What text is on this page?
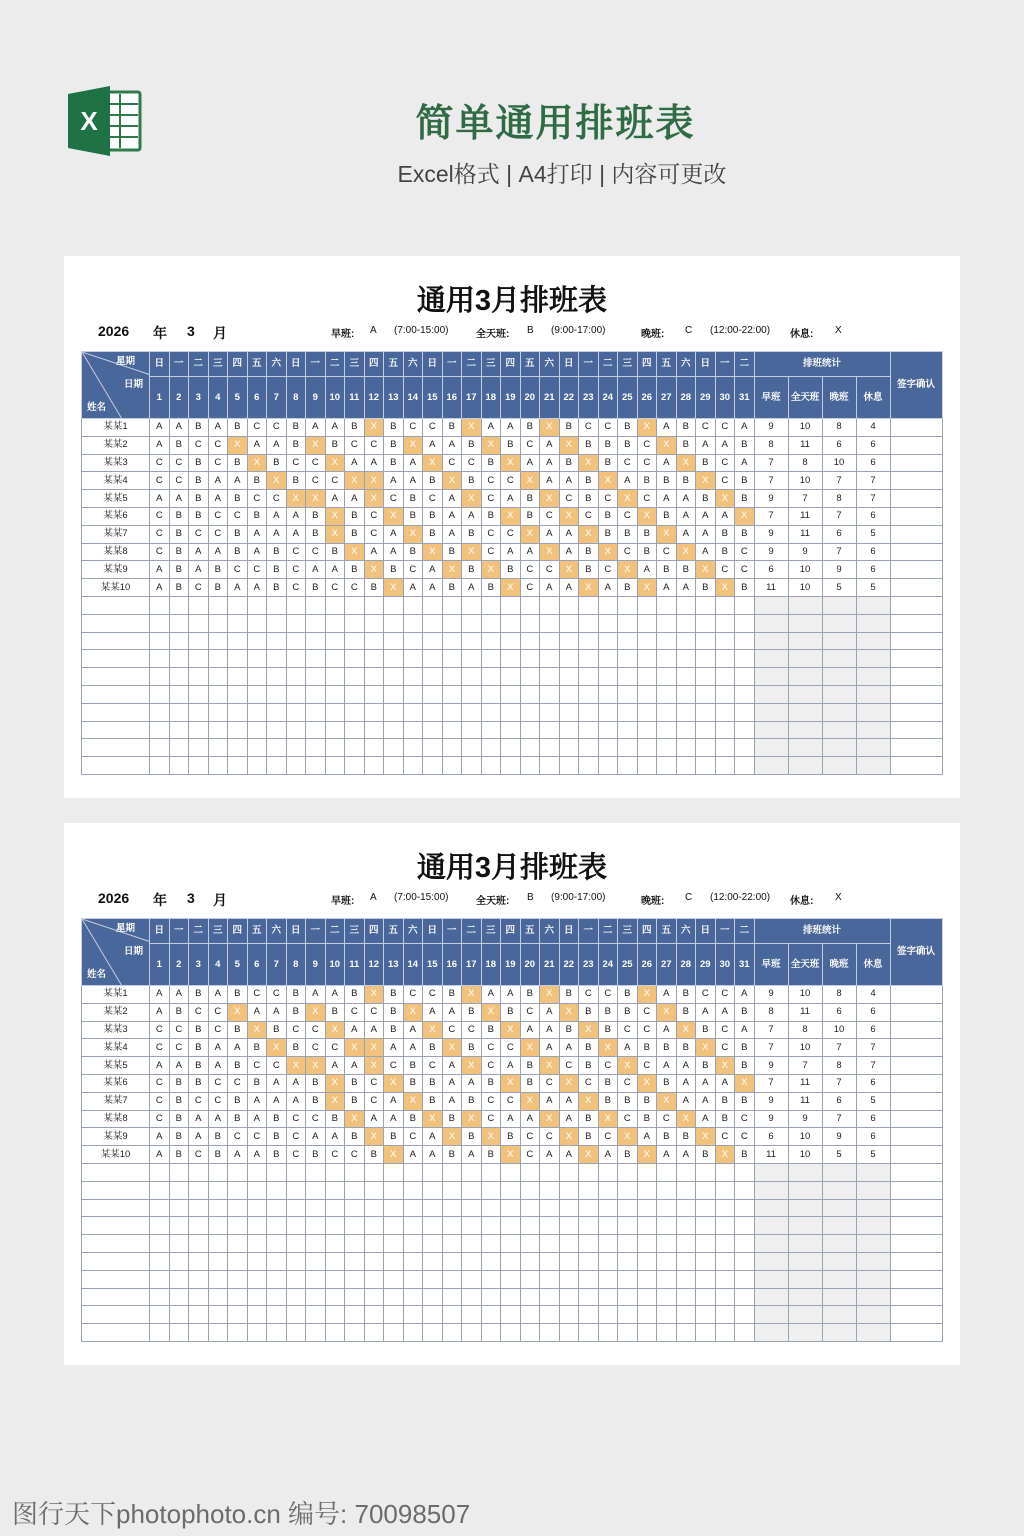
X	简单通用排班表
Excel格式 | A4打印 | 内容可更改
通用3月排班表
2026 年 3 月	早班: A (7:00-15:00)	全天班: B (9:00-17:00)	晚班: C (12:00-22:00) 休息: X
星期
日期
姓名	日	一	二	三	四	五	六	日	一	二	三	四	五	六	日	一	二	三	四	五	六	日	一	二	三	四	五	六	日	一	二	排班统计				签字确认
	1	2	3	4	5	6	7	8	9	10	11	12	13	14	15	16	17	18	19	20	21	22	23	24	25	26	27	28	29	30	31	早班	全天班	晚班	休息	
某某1	A	A	B	A	B	C	C	B	A	A	B	X	B	C	C	B	X	A	A	B	X	B	C	C	B	X	A	B	C	C	A	9	10	8	4	
某某2	A	B	C	C	X	A	A	B	X	B	C	C	B	X	A	A	B	X	B	C	A	X	B	B	B	C	X	B	A	A	B	8	11	6	6	
某某3	C	C	B	C	B	X	B	C	C	X	A	A	B	A	X	C	C	B	X	A	A	B	X	B	C	C	A	X	B	C	A	7	8	10	6	
某某4	C	C	B	A	A	B	X	B	C	C	X	X	A	A	B	X	B	C	C	X	A	A	B	X	A	B	B	B	X	C	B	7	10	7	7	
某某5	A	A	B	A	B	C	C	X	X	A	A	X	C	B	C	A	X	C	A	B	X	C	B	C	X	C	A	A	B	X	B	9	7	8	7	
某某6	C	B	B	C	C	B	A	A	B	X	B	C	X	B	B	A	A	B	X	B	C	X	C	B	C	X	B	A	A	A	X	7	11	7	6	
某某7	C	B	C	C	B	A	A	A	B	X	B	C	A	X	B	A	B	C	C	X	A	A	X	B	B	B	X	A	A	B	B	9	11	6	5	
某某8	C	B	A	A	B	A	B	C	C	B	X	A	A	B	X	B	X	C	A	A	X	A	B	X	C	B	C	X	A	B	C	9	9	7	6	
某某9	A	B	A	B	C	C	B	C	A	A	B	X	B	C	A	X	B	X	B	C	C	X	B	C	X	A	B	B	X	C	C	6	10	9	6	
某某10	A	B	C	B	A	A	B	C	B	C	C	B	X	A	A	B	A	B	X	C	A	A	X	A	B	X	A	A	B	X	B	11	10	5	5	

通用3月排班表
2026 年 3 月	早班: A (7:00-15:00)	全天班: B (9:00-17:00)	晚班: C (12:00-22:00) 休息: X
星期
日期
姓名	日	一	二	三	四	五	六	日	一	二	三	四	五	六	日	一	二	三	四	五	六	日	一	二	三	四	五	六	日	一	二	排班统计				签字确认
	1	2	3	4	5	6	7	8	9	10	11	12	13	14	15	16	17	18	19	20	21	22	23	24	25	26	27	28	29	30	31	早班	全天班	晚班	休息	
某某1	A	A	B	A	B	C	C	B	A	A	B	X	B	C	C	B	X	A	A	B	X	B	C	C	B	X	A	B	C	C	A	9	10	8	4	
某某2	A	B	C	C	X	A	A	B	X	B	C	C	B	X	A	A	B	X	B	C	A	X	B	B	B	C	X	B	A	A	B	8	11	6	6	
某某3	C	C	B	C	B	X	B	C	C	X	A	A	B	A	X	C	C	B	X	A	A	B	X	B	C	C	A	X	B	C	A	7	8	10	6	
某某4	C	C	B	A	A	B	X	B	C	C	X	X	A	A	B	X	B	C	C	X	A	A	B	X	A	B	B	B	X	C	B	7	10	7	7	
某某5	A	A	B	A	B	C	C	X	X	A	A	X	C	B	C	A	X	C	A	B	X	C	B	C	X	C	A	A	B	X	B	9	7	8	7	
某某6	C	B	B	C	C	B	A	A	B	X	B	C	X	B	B	A	A	B	X	B	C	X	C	B	C	X	B	A	A	A	X	7	11	7	6	
某某7	C	B	C	C	B	A	A	A	B	X	B	C	A	X	B	A	B	C	C	X	A	A	X	B	B	B	X	A	A	B	B	9	11	6	5	
某某8	C	B	A	A	B	A	B	C	C	B	X	A	A	B	X	B	X	C	A	A	X	A	B	X	C	B	C	X	A	B	C	9	9	7	6	
某某9	A	B	A	B	C	C	B	C	A	A	B	X	B	C	A	X	B	X	B	C	C	X	B	C	X	A	B	B	X	C	C	6	10	9	6	
某某10	A	B	C	B	A	A	B	C	B	C	C	B	X	A	A	B	A	B	X	C	A	A	X	A	B	X	A	A	B	X	B	11	10	5	5	

图行天下photophoto.cn 编号: 70098507
